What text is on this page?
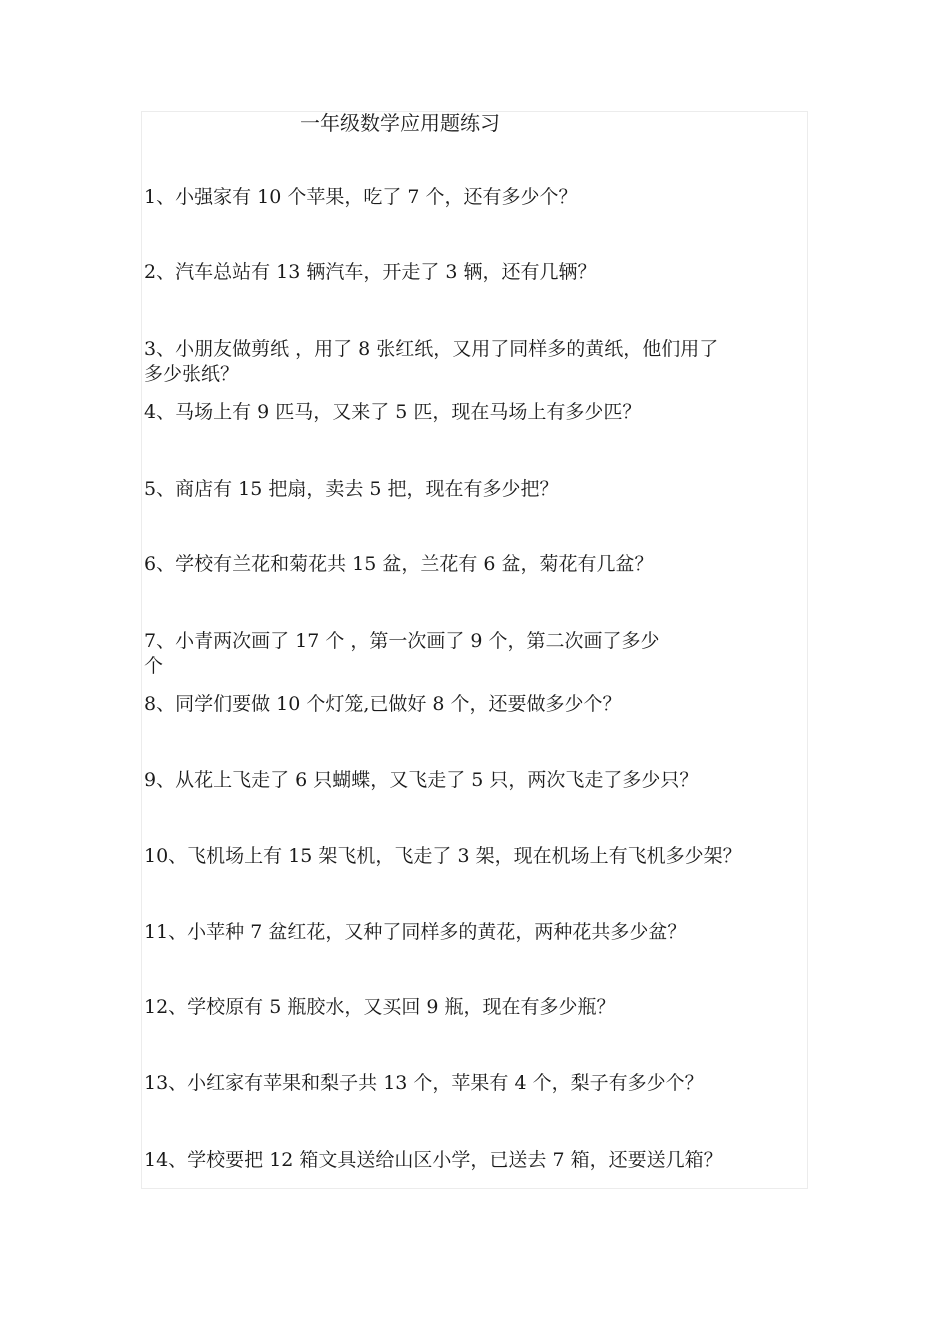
一年级数学应用题练习
1、小强家有 10 个苹果，吃了 7 个，还有多少个？
2、汽车总站有 13 辆汽车，开走了 3 辆，还有几辆？
3、小朋友做剪纸 ，用了 8 张红纸，又用了同样多的黄纸，他们用了
多少张纸？
4、马场上有 9 匹马，又来了 5 匹，现在马场上有多少匹？
5、商店有 15 把扇，卖去 5 把，现在有多少把？
6、学校有兰花和菊花共 15 盆，兰花有 6 盆，菊花有几盆？
7、小青两次画了 17 个 ，第一次画了 9 个，第二次画了多少
个
8、同学们要做 10 个灯笼,已做好 8 个，还要做多少个？
9、从花上飞走了 6 只蝴蝶，又飞走了 5 只，两次飞走了多少只？
10、飞机场上有 15 架飞机，飞走了 3 架，现在机场上有飞机多少架？
11、小苹种 7 盆红花，又种了同样多的黄花，两种花共多少盆？
12、学校原有 5 瓶胶水，又买回 9 瓶，现在有多少瓶？
13、小红家有苹果和梨子共 13 个，苹果有 4 个，梨子有多少个？
14、学校要把 12 箱文具送给山区小学，已送去 7 箱，还要送几箱？
